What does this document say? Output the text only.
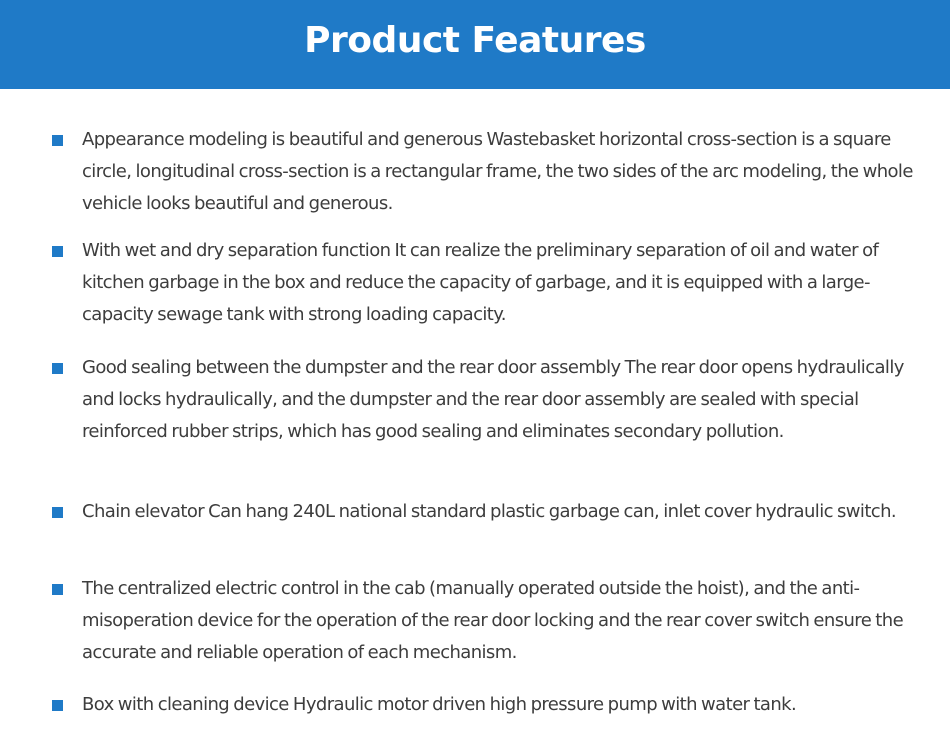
Product Features

Appearance modeling is beautiful and generous Wastebasket horizontal cross-section is a square circle, longitudinal cross-section is a rectangular frame, the two sides of the arc modeling, the whole vehicle looks beautiful and generous.

With wet and dry separation function It can realize the preliminary separation of oil and water of kitchen garbage in the box and reduce the capacity of garbage, and it is equipped with a large-capacity sewage tank with strong loading capacity.

Good sealing between the dumpster and the rear door assembly The rear door opens hydraulically and locks hydraulically, and the dumpster and the rear door assembly are sealed with special reinforced rubber strips, which has good sealing and eliminates secondary pollution.

Chain elevator Can hang 240L national standard plastic garbage can, inlet cover hydraulic switch.

The centralized electric control in the cab (manually operated outside the hoist), and the anti-misoperation device for the operation of the rear door locking and the rear cover switch ensure the accurate and reliable operation of each mechanism.

Box with cleaning device Hydraulic motor driven high pressure pump with water tank.
